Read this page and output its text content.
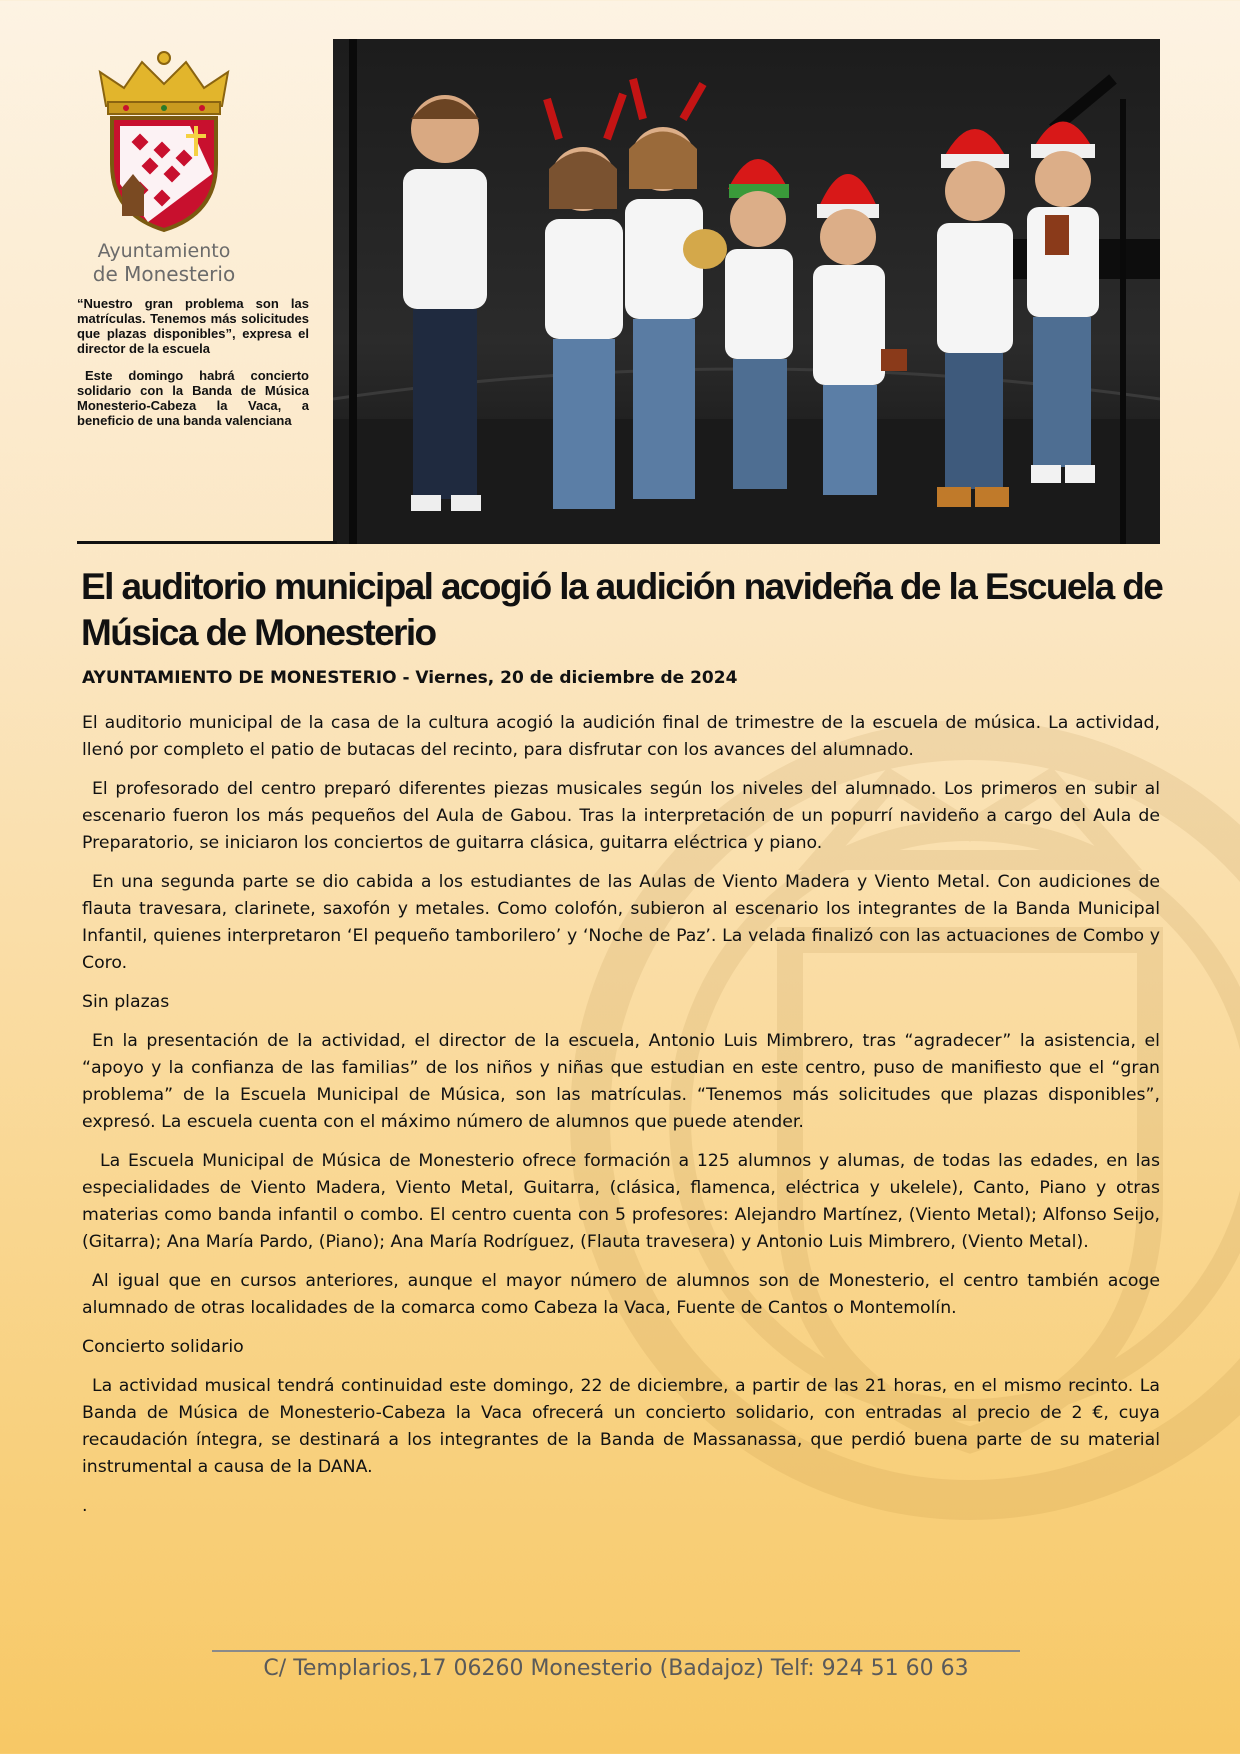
Ayuntamiento
de Monesterio

“Nuestro gran problema son las matrículas. Tenemos más solicitudes que plazas disponibles”, expresa el director de la escuela

Este domingo habrá concierto solidario con la Banda de Música Monesterio-Cabeza la Vaca, a beneficio de una banda valenciana

El auditorio municipal acogió la audición navideña de la Escuela de Música de Monesterio

AYUNTAMIENTO DE MONESTERIO - Viernes, 20 de diciembre de 2024

El auditorio municipal de la casa de la cultura acogió la audición final de trimestre de la escuela de música. La actividad, llenó por completo el patio de butacas del recinto, para disfrutar con los avances del alumnado.

El profesorado del centro preparó diferentes piezas musicales según los niveles del alumnado. Los primeros en subir al escenario fueron los más pequeños del Aula de Gabou. Tras la interpretación de un popurrí navideño a cargo del Aula de Preparatorio, se iniciaron los conciertos de guitarra clásica, guitarra eléctrica y piano.

En una segunda parte se dio cabida a los estudiantes de las Aulas de Viento Madera y Viento Metal. Con audiciones de flauta travesara, clarinete, saxofón y metales. Como colofón, subieron al escenario los integrantes de la Banda Municipal Infantil, quienes interpretaron ‘El pequeño tamborilero’ y ‘Noche de Paz’. La velada finalizó con las actuaciones de Combo y Coro.

Sin plazas

En la presentación de la actividad, el director de la escuela, Antonio Luis Mimbrero, tras “agradecer” la asistencia, el “apoyo y la confianza de las familias” de los niños y niñas que estudian en este centro, puso de manifiesto que el “gran problema” de la Escuela Municipal de Música, son las matrículas. “Tenemos más solicitudes que plazas disponibles”, expresó. La escuela cuenta con el máximo número de alumnos que puede atender.

La Escuela Municipal de Música de Monesterio ofrece formación a 125 alumnos y alumas, de todas las edades, en las especialidades de Viento Madera, Viento Metal, Guitarra, (clásica, flamenca, eléctrica y ukelele), Canto, Piano y otras materias como banda infantil o combo. El centro cuenta con 5 profesores: Alejandro Martínez, (Viento Metal); Alfonso Seijo, (Gitarra); Ana María Pardo, (Piano); Ana María Rodríguez, (Flauta travesera) y Antonio Luis Mimbrero, (Viento Metal).

Al igual que en cursos anteriores, aunque el mayor número de alumnos son de Monesterio, el centro también acoge alumnado de otras localidades de la comarca como Cabeza la Vaca, Fuente de Cantos o Montemolín.

Concierto solidario

La actividad musical tendrá continuidad este domingo, 22 de diciembre, a partir de las 21 horas, en el mismo recinto. La Banda de Música de Monesterio-Cabeza la Vaca ofrecerá un concierto solidario, con entradas al precio de 2 €, cuya recaudación íntegra, se destinará a los integrantes de la Banda de Massanassa, que perdió buena parte de su material instrumental a causa de la DANA.

.

C/ Templarios,17 06260 Monesterio (Badajoz) Telf: 924 51 60 63
